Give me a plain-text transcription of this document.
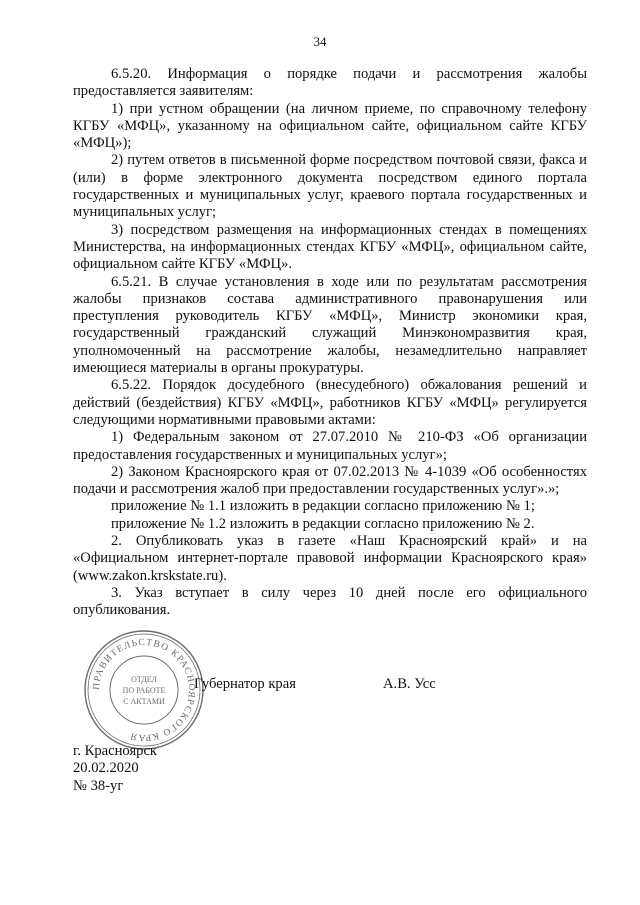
34

6.5.20. Информация о порядке подачи и рассмотрения жалобы предоставляется заявителям:

1) при устном обращении (на личном приеме, по справочному телефону КГБУ «МФЦ», указанному на официальном сайте, официальном сайте КГБУ «МФЦ»);

2) путем ответов в письменной форме посредством почтовой связи, факса и (или) в форме электронного документа посредством единого портала государственных и муниципальных услуг, краевого портала государственных и муниципальных услуг;

3) посредством размещения на информационных стендах в помещениях Министерства, на информационных стендах КГБУ «МФЦ», официальном сайте, официальном сайте КГБУ «МФЦ».

6.5.21. В случае установления в ходе или по результатам рассмотрения жалобы признаков состава административного правонарушения или преступления руководитель КГБУ «МФЦ», Министр экономики края, государственный гражданский служащий Минэкономразвития края, уполномоченный на рассмотрение жалобы, незамедлительно направляет имеющиеся материалы в органы прокуратуры.

6.5.22. Порядок досудебного (внесудебного) обжалования решений и действий (бездействия) КГБУ «МФЦ», работников КГБУ «МФЦ» регулируется следующими нормативными правовыми актами:

1) Федеральным законом от 27.07.2010 № 210-ФЗ «Об организации предоставления государственных и муниципальных услуг»;

2) Законом Красноярского края от 07.02.2013 № 4-1039 «Об особенностях подачи и рассмотрения жалоб при предоставлении государственных услуг».»;

приложение № 1.1 изложить в редакции согласно приложению № 1;

приложение № 1.2 изложить в редакции согласно приложению № 2.

2. Опубликовать указ в газете «Наш Красноярский край» и на «Официальном интернет-портале правовой информации Красноярского края» (www.zakon.krskstate.ru).

3. Указ вступает в силу через 10 дней после его официального опубликования.

ПРАВИТЕЛЬСТВО КРАСНОЯРСКОГО КРАЯ
ОТДЕЛ
ПО РАБОТЕ
С АКТАМИ
Губернатор края	А.В. Усс
г. Красноярск
20.02.2020
№ 38-уг
